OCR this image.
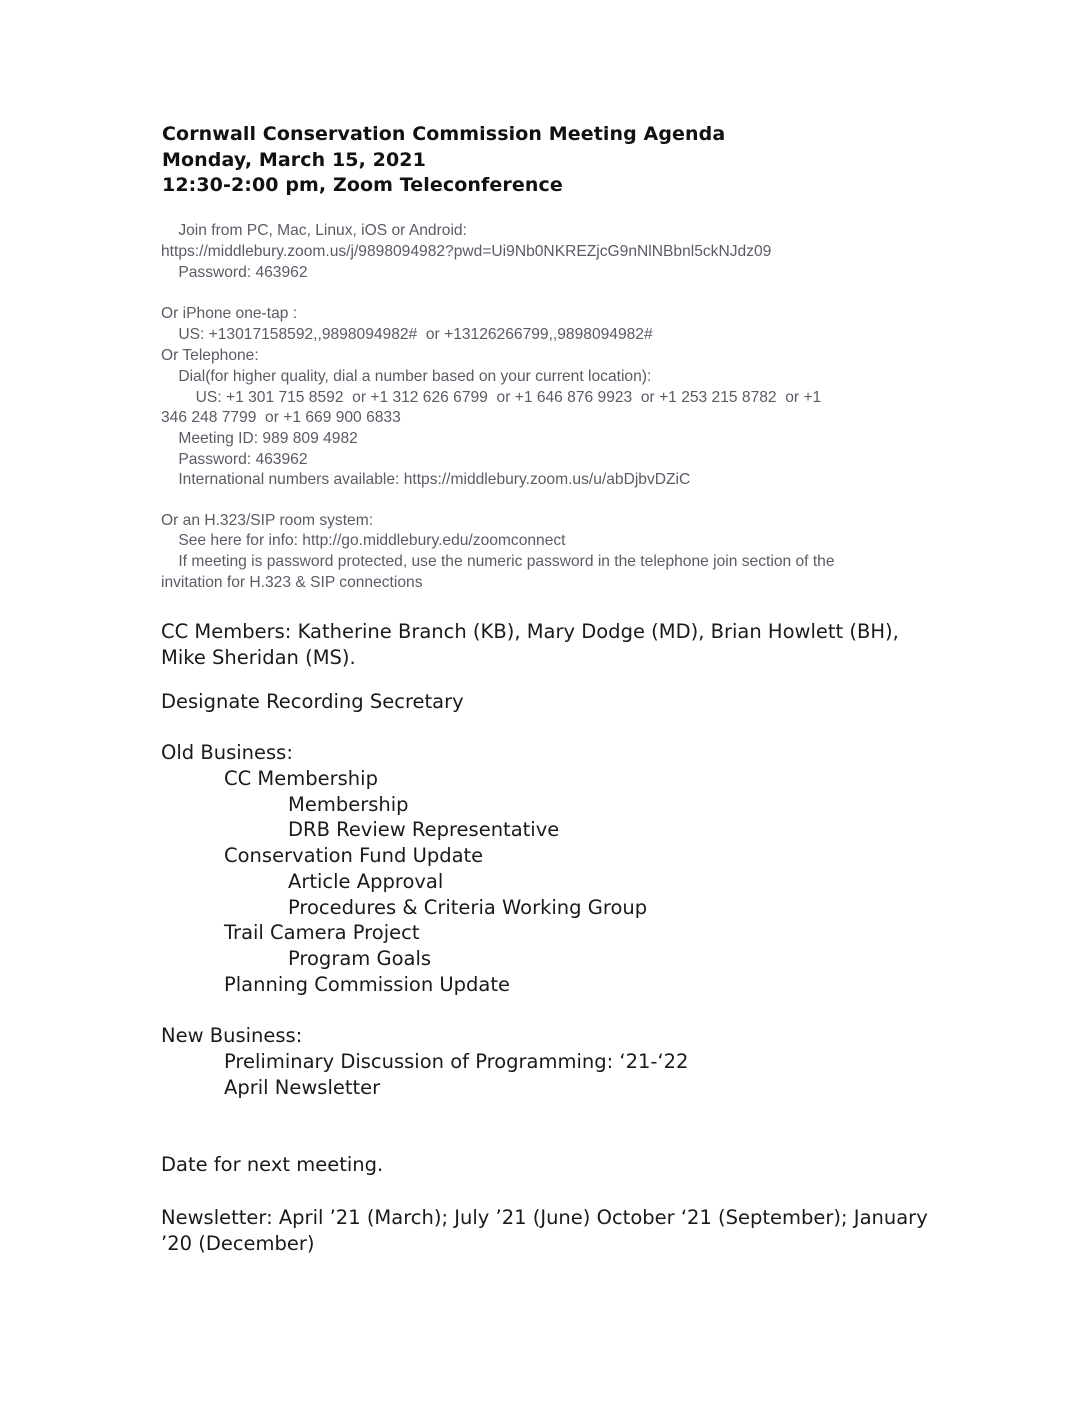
Cornwall Conservation Commission Meeting Agenda
Monday, March 15, 2021
12:30-2:00 pm, Zoom Teleconference
Join from PC, Mac, Linux, iOS or Android:
https://middlebury.zoom.us/j/9898094982?pwd=Ui9Nb0NKREZjcG9nNlNBbnl5ckNJdz09
Password: 463962
Or iPhone one-tap :
US: +13017158592,,9898094982#  or +13126266799,,9898094982#
Or Telephone:
Dial(for higher quality, dial a number based on your current location):
US: +1 301 715 8592  or +1 312 626 6799  or +1 646 876 9923  or +1 253 215 8782  or +1
346 248 7799  or +1 669 900 6833
Meeting ID: 989 809 4982
Password: 463962
International numbers available: https://middlebury.zoom.us/u/abDjbvDZiC
Or an H.323/SIP room system:
See here for info: http://go.middlebury.edu/zoomconnect
If meeting is password protected, use the numeric password in the telephone join section of the
invitation for H.323 & SIP connections
CC Members: Katherine Branch (KB), Mary Dodge (MD), Brian Howlett (BH),
Mike Sheridan (MS).
Designate Recording Secretary
Old Business:
CC Membership
Membership
DRB Review Representative
Conservation Fund Update
Article Approval
Procedures & Criteria Working Group
Trail Camera Project
Program Goals
Planning Commission Update
New Business:
Preliminary Discussion of Programming: ‘21-‘22
April Newsletter
Date for next meeting.
Newsletter: April ’21 (March); July ’21 (June) October ‘21 (September); January
’20 (December)
